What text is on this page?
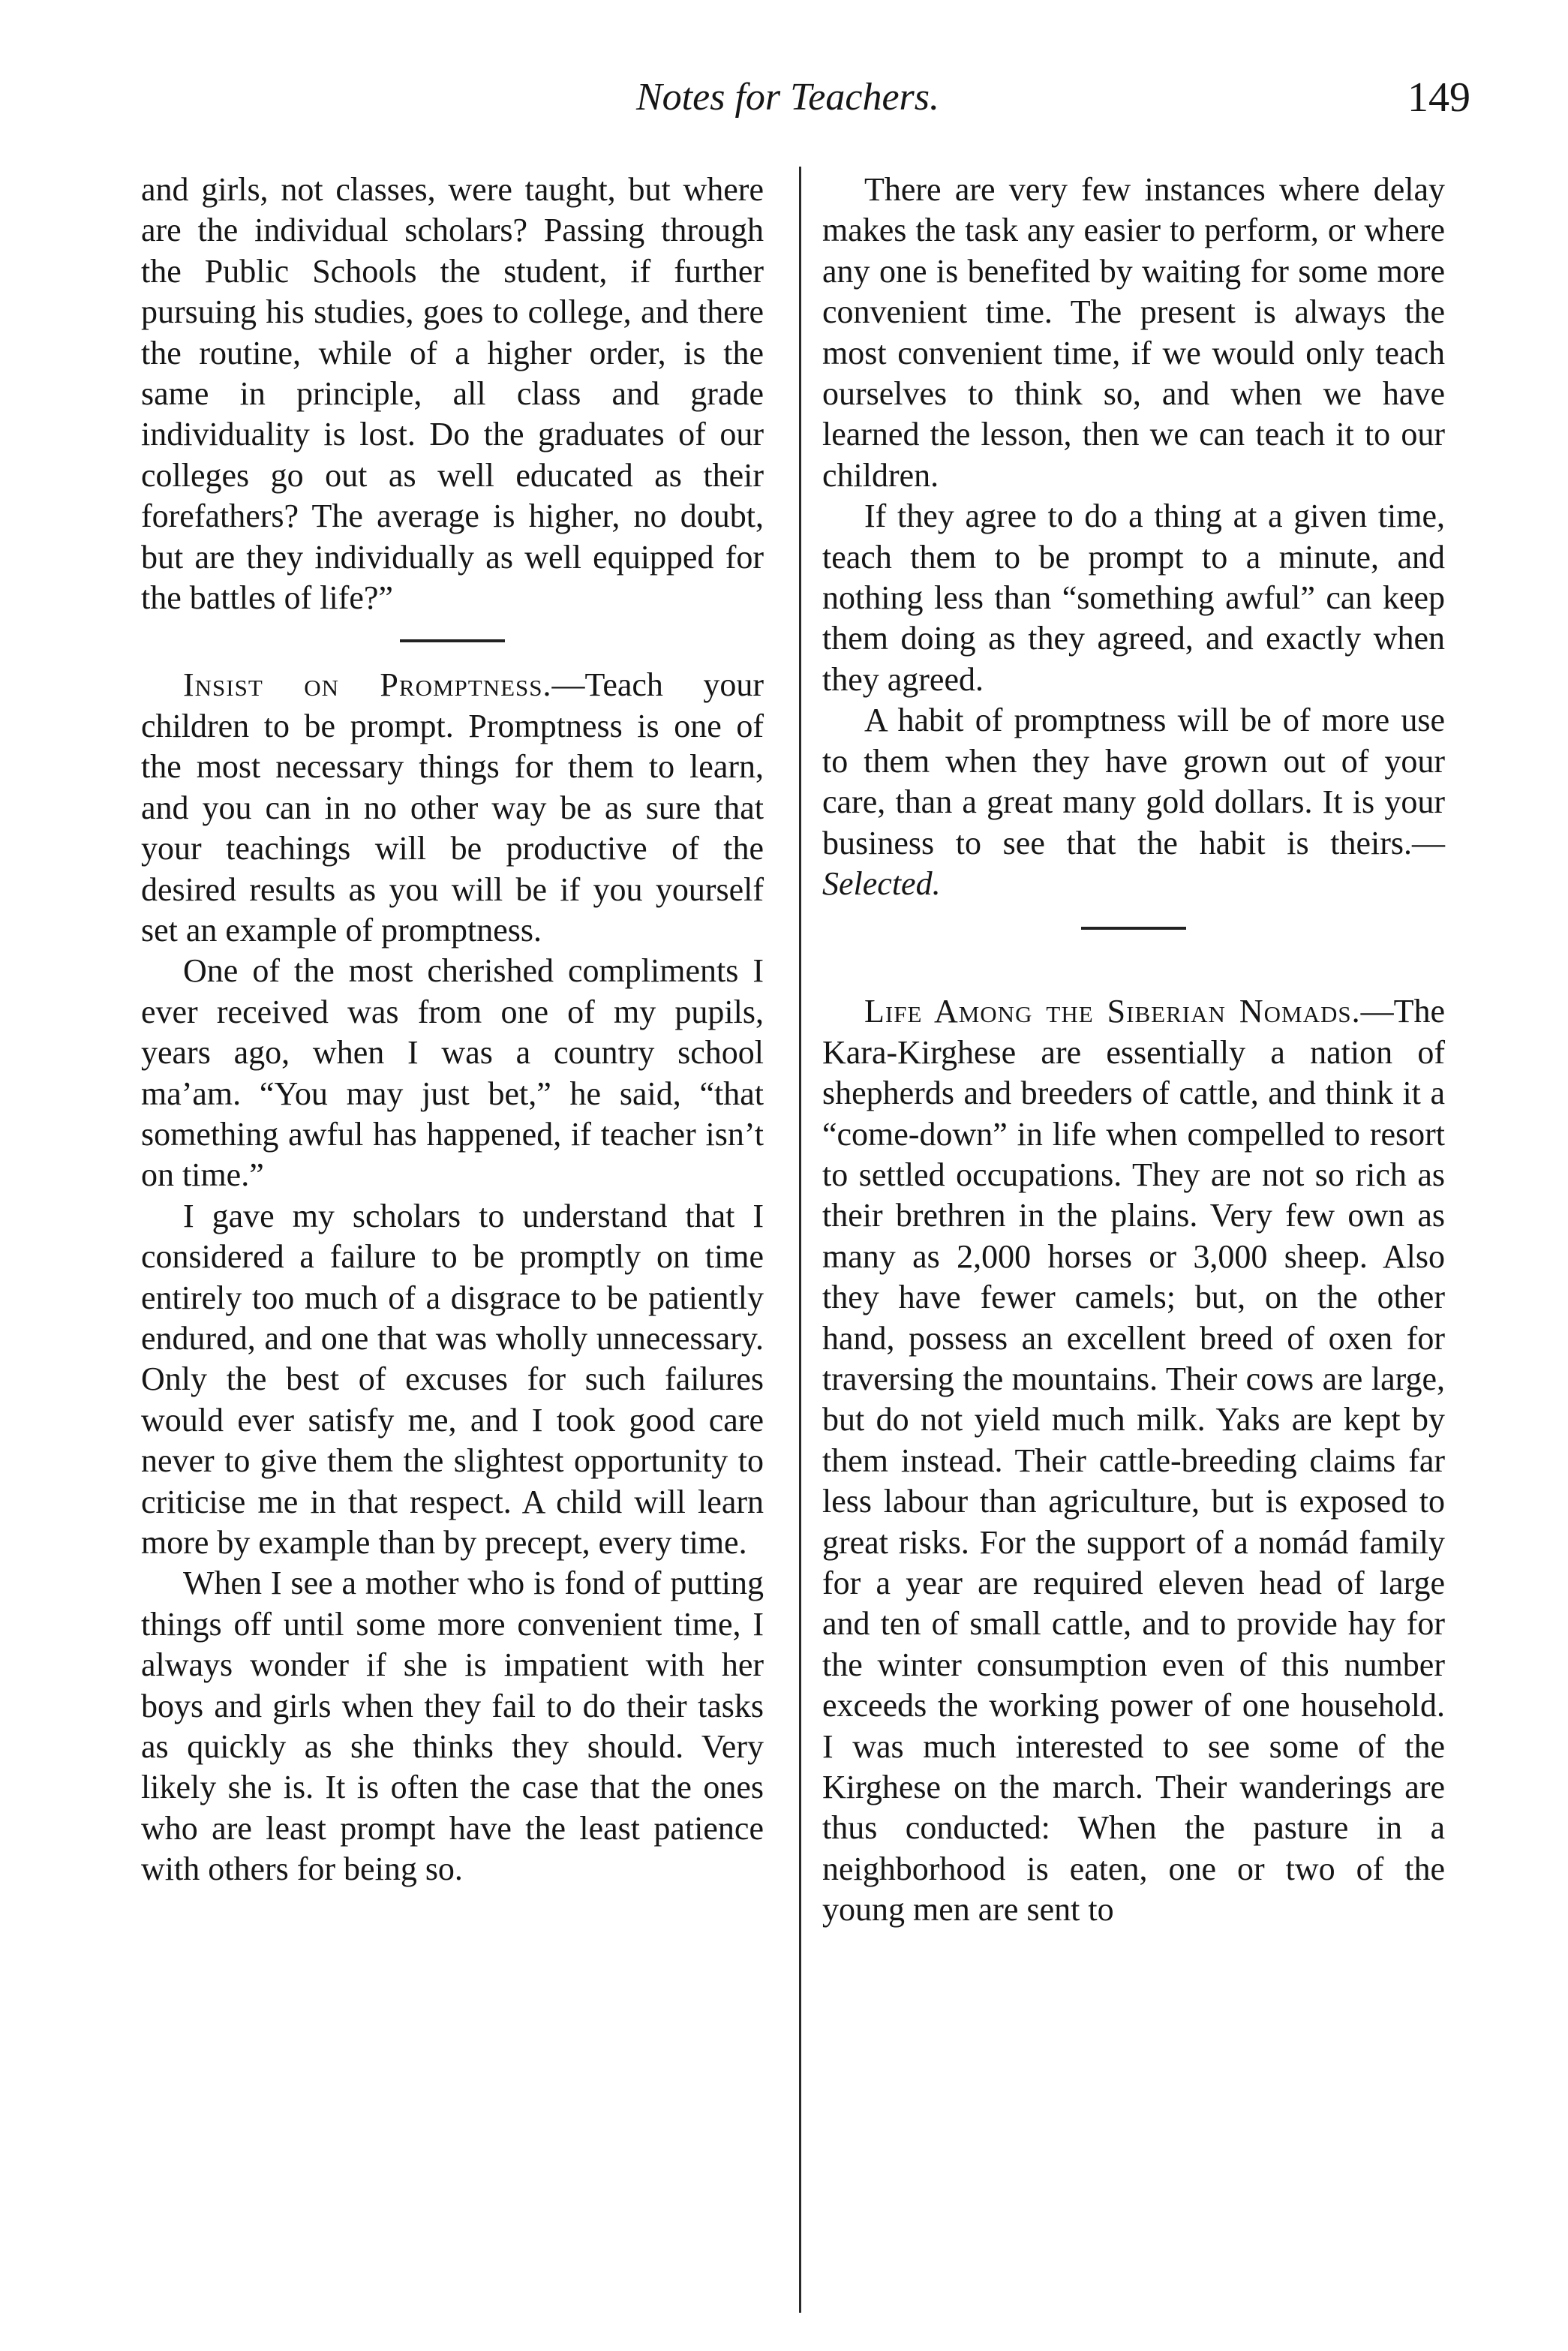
Notes for Teachers.	149

and girls, not classes, were taught, but where are the individual scholars? Passing through the Public Schools the student, if further pursuing his studies, goes to college, and there the routine, while of a higher order, is the same in principle, all class and grade individuality is lost. Do the graduates of our colleges go out as well educated as their forefathers? The average is higher, no doubt, but are they individually as well equipped for the battles of life?”

Insist on Promptness.—Teach your children to be prompt. Promptness is one of the most necessary things for them to learn, and you can in no other way be as sure that your teachings will be productive of the desired results as you will be if you yourself set an example of promptness.

One of the most cherished compliments I ever received was from one of my pupils, years ago, when I was a country school ma’am. “You may just bet,” he said, “that something awful has happened, if teacher isn’t on time.”

I gave my scholars to understand that I considered a failure to be promptly on time entirely too much of a disgrace to be patiently endured, and one that was wholly unnecessary. Only the best of excuses for such failures would ever satisfy me, and I took good care never to give them the slightest opportunity to criticise me in that respect. A child will learn more by example than by precept, every time.

When I see a mother who is fond of putting things off until some more convenient time, I always wonder if she is impatient with her boys and girls when they fail to do their tasks as quickly as she thinks they should. Very likely she is. It is often the case that the ones who are least prompt have the least patience with others for being so.

There are very few instances where delay makes the task any easier to perform, or where any one is benefited by waiting for some more convenient time. The present is always the most convenient time, if we would only teach ourselves to think so, and when we have learned the lesson, then we can teach it to our children.

If they agree to do a thing at a given time, teach them to be prompt to a minute, and nothing less than “something awful” can keep them doing as they agreed, and exactly when they agreed.

A habit of promptness will be of more use to them when they have grown out of your care, than a great many gold dollars. It is your business to see that the habit is theirs.—Selected.

Life Among the Siberian Nomads.—The Kara-Kirghese are essentially a nation of shepherds and breeders of cattle, and think it a “come-down” in life when compelled to resort to settled occupations. They are not so rich as their brethren in the plains. Very few own as many as 2,000 horses or 3,000 sheep. Also they have fewer camels; but, on the other hand, possess an excellent breed of oxen for traversing the mountains. Their cows are large, but do not yield much milk. Yaks are kept by them instead. Their cattle-breeding claims far less labour than agriculture, but is exposed to great risks. For the support of a nomád family for a year are required eleven head of large and ten of small cattle, and to provide hay for the winter consumption even of this number exceeds the working power of one household. I was much interested to see some of the Kirghese on the march. Their wanderings are thus conducted: When the pasture in a neighborhood is eaten, one or two of the young men are sent to
